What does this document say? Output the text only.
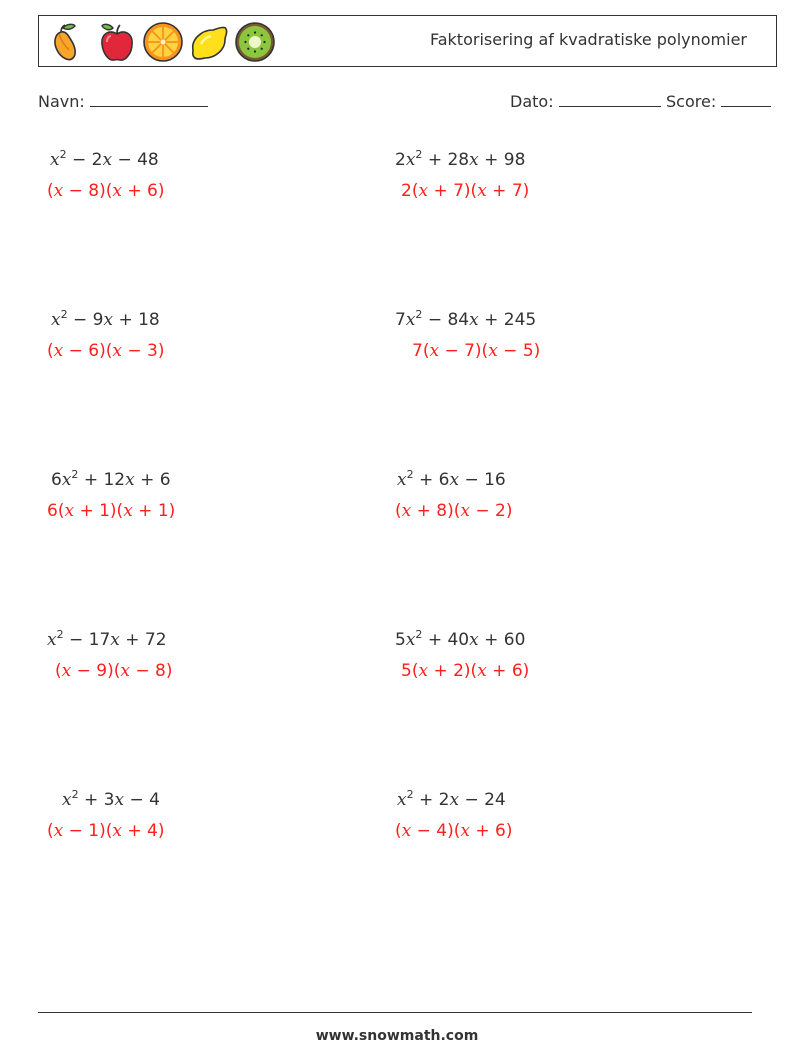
Faktorisering af kvadratiske polynomier
Navn:	Dato:	Score:
$x^2 - 2x - 48$
(x − 8)(x + 6)
$2x^2 + 28x + 98$
2(x + 7)(x + 7)
$x^2 - 9x + 18$
(x − 6)(x − 3)
$7x^2 - 84x + 245$
7(x − 7)(x − 5)
$6x^2 + 12x + 6$
6(x + 1)(x + 1)
$x^2 + 6x - 16$
(x + 8)(x − 2)
$x^2 - 17x + 72$
(x − 9)(x − 8)
$5x^2 + 40x + 60$
5(x + 2)(x + 6)
$x^2 + 3x - 4$
(x − 1)(x + 4)
$x^2 + 2x - 24$
(x − 4)(x + 6)
www.snowmath.com
